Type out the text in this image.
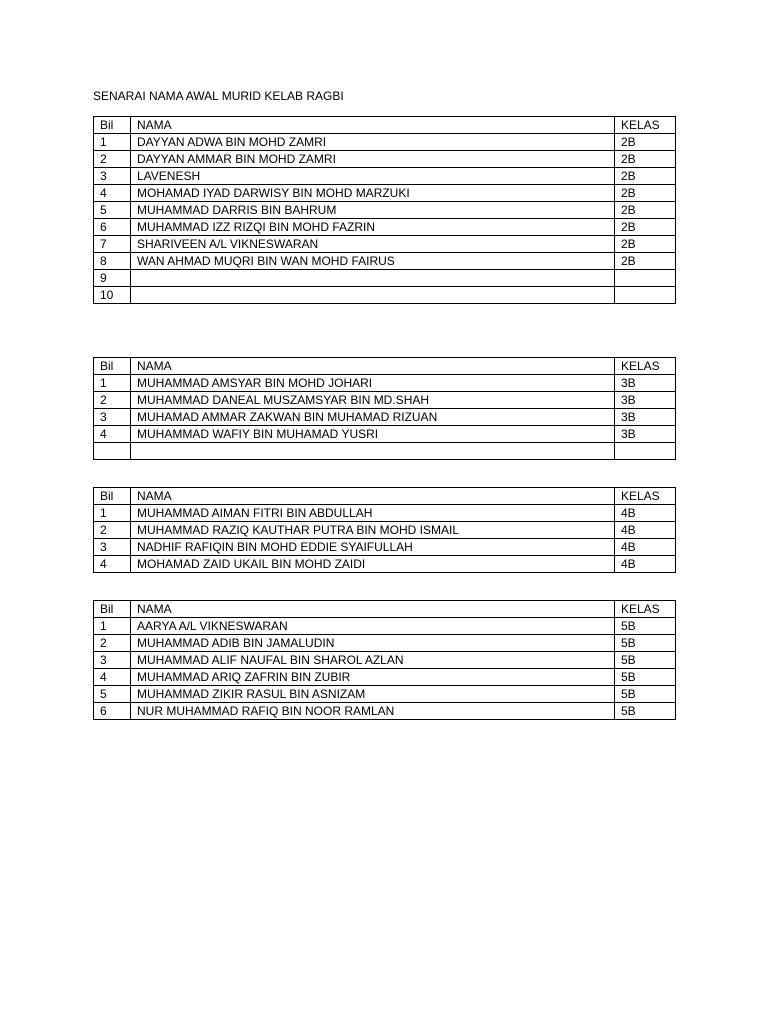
SENARAI NAMA AWAL MURID KELAB RAGBI
Bil	NAMA	KELAS
1	DAYYAN ADWA BIN MOHD ZAMRI	2B
2	DAYYAN AMMAR BIN MOHD ZAMRI	2B
3	LAVENESH	2B
4	MOHAMAD IYAD DARWISY BIN MOHD MARZUKI	2B
5	MUHAMMAD DARRIS BIN BAHRUM	2B
6	MUHAMMAD IZZ RIZQI BIN MOHD FAZRIN	2B
7	SHARIVEEN A/L VIKNESWARAN	2B
8	WAN AHMAD MUQRI BIN WAN MOHD FAIRUS	2B
9		
10		
Bil	NAMA	KELAS
1	MUHAMMAD AMSYAR BIN MOHD JOHARI	3B
2	MUHAMMAD DANEAL MUSZAMSYAR BIN MD.SHAH	3B
3	MUHAMAD AMMAR ZAKWAN BIN MUHAMAD RIZUAN	3B
4	MUHAMMAD WAFIY BIN MUHAMAD YUSRI	3B

Bil	NAMA	KELAS
1	MUHAMMAD AIMAN FITRI BIN ABDULLAH	4B
2	MUHAMMAD RAZIQ KAUTHAR PUTRA BIN MOHD ISMAIL	4B
3	NADHIF RAFIQIN BIN MOHD EDDIE SYAIFULLAH	4B
4	MOHAMAD ZAID UKAIL BIN MOHD ZAIDI	4B
Bil	NAMA	KELAS
1	AARYA A/L VIKNESWARAN	5B
2	MUHAMMAD ADIB BIN JAMALUDIN	5B
3	MUHAMMAD ALIF NAUFAL BIN SHAROL AZLAN	5B
4	MUHAMMAD ARIQ ZAFRIN BIN ZUBIR	5B
5	MUHAMMAD ZIKIR RASUL BIN ASNIZAM	5B
6	NUR MUHAMMAD RAFIQ BIN NOOR RAMLAN	5B
